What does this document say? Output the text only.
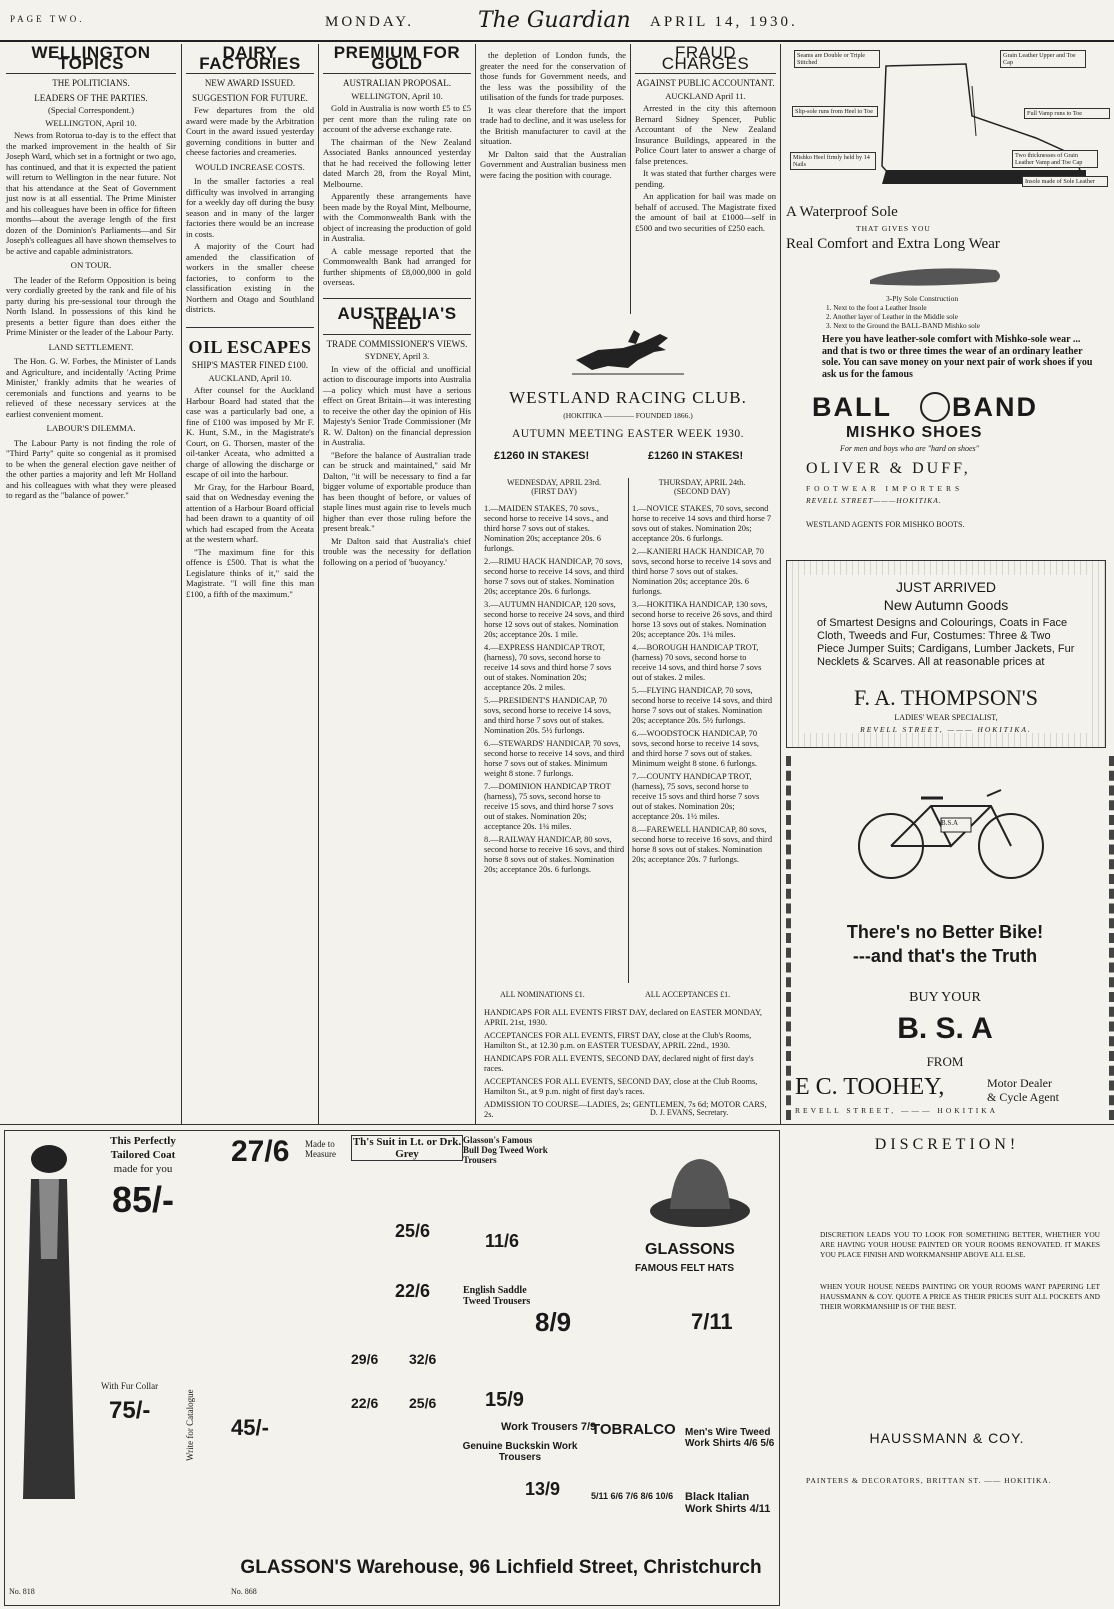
PAGE TWO.	MONDAY.	The Guardian APRIL 14, 1930.
WELLINGTON TOPICS
THE POLITICIANS.
LEADERS OF THE PARTIES.

(Special Correspondent.)

WELLINGTON, April 10.

News from Rotorua to-day is to the effect that the marked improvement in the health of Sir Joseph Ward, which set in a fortnight or two ago, has continued, and that it is expected the patient will return to Wellington in the near future. Not that his attendance at the Seat of Government just now is at all essential. The Prime Minister and his colleagues have been in office for fifteen months—about the average length of the first dozen of the Dominion's Parliaments—and Sir Joseph's colleagues all have shown themselves to be active and capable administrators.

ON TOUR.

The leader of the Reform Opposition is being very cordially greeted by the rank and file of his party during his pre-sessional tour through the North Island. In possessions of this kind he presents a better figure than does either the Prime Minister or the leader of the Labour Party.

LAND SETTLEMENT.

The Hon. G. W. Forbes, the Minister of Lands and Agriculture, and incidentally 'Acting Prime Minister,' frankly admits that he wearies of ceremonials and functions and yearns to be relieved of these necessary services at the earliest convenient moment.

LABOUR'S DILEMMA.

The Labour Party is not finding the role of "Third Party" quite so congenial as it promised to be when the general election gave neither of the other parties a majority and left Mr Holland and his colleagues with what they were pleased to regard as the "balance of power."

DAIRY FACTORIES
NEW AWARD ISSUED.
SUGGESTION FOR FUTURE.

Few departures from the old award were made by the Arbitration Court in the award issued yesterday governing conditions in butter and cheese factories and creameries.

WOULD INCREASE COSTS.

In the smaller factories a real difficulty was involved in arranging for a weekly day off during the busy season and in many of the larger factories there would be an increase in costs.

A majority of the Court had amended the classification of workers in the smaller cheese factories, to conform to the classification existing in the Northern and Otago and Southland districts.

OIL ESCAPES
SHIP'S MASTER FINED £100.

AUCKLAND, April 10.

After counsel for the Auckland Harbour Board had stated that the case was a particularly bad one, a fine of £100 was imposed by Mr F. K. Hunt, S.M., in the Magistrate's Court, on G. Thorsen, master of the oil-tanker Aceata, who admitted a charge of allowing the discharge or escape of oil into the harbour.

Mr Gray, for the Harbour Board, said that on Wednesday evening the attention of a Harbour Board official had been drawn to a quantity of oil which had escaped from the Aceata at the western wharf.

"The maximum fine for this offence is £500. That is what the Legislature thinks of it," said the Magistrate. "I will fine this man £100, a fifth of the maximum."

PREMIUM FOR GOLD
AUSTRALIAN PROPOSAL.

WELLINGTON, April 10.

Gold in Australia is now worth £5 to £5 per cent more than the ruling rate on account of the adverse exchange rate.

The chairman of the New Zealand Associated Banks announced yesterday that he had received the following letter dated March 28, from the Royal Mint, Melbourne.

Apparently these arrangements have been made by the Royal Mint, Melbourne, with the Commonwealth Bank with the object of increasing the production of gold in Australia.

A cable message reported that the Commonwealth Bank had arranged for further shipments of £8,000,000 in gold overseas.

AUSTRALIA'S NEED
TRADE COMMISSIONER'S VIEWS.

SYDNEY, April 3.

In view of the official and unofficial action to discourage imports into Australia—a policy which must have a serious effect on Great Britain—it was interesting to receive the other day the opinion of His Majesty's Senior Trade Commissioner (Mr R. W. Dalton) on the financial depression in Australia.

"Before the balance of Australian trade can be struck and maintained," said Mr Dalton, "it will be necessary to find a far bigger volume of exportable produce than has been thought of before, or values of staple lines must again rise to levels much higher than ever those ruling before the present break."

Mr Dalton said that Australia's chief trouble was the necessity for deflation following on a period of 'buoyancy.'

the depletion of London funds, the greater the need for the conservation of those funds for Government needs, and the less was the possibility of the utilisation of the funds for trade purposes.

It was clear therefore that the import trade had to decline, and it was useless for the British manufacturer to cavil at the situation.

Mr Dalton said that the Australian Government and Australian business men were facing the position with courage.

FRAUD CHARGES
AGAINST PUBLIC ACCOUNTANT.

AUCKLAND April 11.

Arrested in the city this afternoon Bernard Sidney Spencer, Public Accountant of the New Zealand Insurance Buildings, appeared in the Police Court later to answer a charge of false pretences.

It was stated that further charges were pending.

An application for bail was made on behalf of accused. The Magistrate fixed the amount of bail at £1000—self in £500 and two securities of £250 each.

WESTLAND RACING CLUB.
(HOKITIKA ———— FOUNDED 1866.)
AUTUMN MEETING EASTER WEEK 1930.
£1260 IN STAKES!	£1260 IN STAKES!
WEDNESDAY, APRIL 23rd.
(FIRST DAY)
THURSDAY, APRIL 24th.
(SECOND DAY)

1.—MAIDEN STAKES, 70 sovs., second horse to receive 14 sovs., and third horse 7 sovs out of stakes. Nomination 20s; acceptance 20s. 6 furlongs.

2.—RIMU HACK HANDICAP, 70 sovs, second horse to receive 14 sovs, and third horse 7 sovs out of stakes. Nomination 20s; acceptance 20s. 6 furlongs.

3.—AUTUMN HANDICAP, 120 sovs, second horse to receive 24 sovs, and third horse 12 sovs out of stakes. Nomination 20s; acceptance 20s. 1 mile.

4.—EXPRESS HANDICAP TROT, (harness), 70 sovs, second horse to receive 14 sovs and third horse 7 sovs out of stakes. Nomination 20s; acceptance 20s. 2 miles.

5.—PRESIDENT'S HANDICAP, 70 sovs, second horse to receive 14 sovs, and third horse 7 sovs out of stakes. Nomination 20s. 5½ furlongs.

6.—STEWARDS' HANDICAP, 70 sovs, second horse to receive 14 sovs, and third horse 7 sovs out of stakes. Minimum weight 8 stone. 7 furlongs.

7.—DOMINION HANDICAP TROT (harness), 75 sovs, second horse to receive 15 sovs, and third horse 7 sovs out of stakes. Nomination 20s; acceptance 20s. 1¼ miles.

8.—RAILWAY HANDICAP, 80 sovs, second horse to receive 16 sovs, and third horse 8 sovs out of stakes. Nomination 20s; acceptance 20s. 6 furlongs.

1.—NOVICE STAKES, 70 sovs, second horse to receive 14 sovs and third horse 7 sovs out of stakes. Nomination 20s; acceptance 20s. 6 furlongs.

2.—KANIERI HACK HANDICAP, 70 sovs, second horse to receive 14 sovs and third horse 7 sovs out of stakes. Nomination 20s; acceptance 20s. 6 furlongs.

3.—HOKITIKA HANDICAP, 130 sovs, second horse to receive 26 sovs, and third horse 13 sovs out of stakes. Nomination 20s; acceptance 20s. 1¼ miles.

4.—BOROUGH HANDICAP TROT, (harness) 70 sovs, second horse to receive 14 sovs, and third horse 7 sovs out of stakes. 2 miles.

5.—FLYING HANDICAP, 70 sovs, second horse to receive 14 sovs, and third horse 7 sovs out of stakes. Nomination 20s; acceptance 20s. 5½ furlongs.

6.—WOODSTOCK HANDICAP, 70 sovs, second horse to receive 14 sovs, and third horse 7 sovs out of stakes. Minimum weight 8 stone. 6 furlongs.

7.—COUNTY HANDICAP TROT, (harness), 75 sovs, second horse to receive 15 sovs and third horse 7 sovs out of stakes. Nomination 20s; acceptance 20s. 1½ miles.

8.—FAREWELL HANDICAP, 80 sovs, second horse to receive 16 sovs, and third horse 8 sovs out of stakes. Nomination 20s; acceptance 20s. 7 furlongs.

ALL NOMINATIONS £1.	ALL ACCEPTANCES £1.

HANDICAPS FOR ALL EVENTS FIRST DAY, declared on EASTER MONDAY, APRIL 21st, 1930.

ACCEPTANCES FOR ALL EVENTS, FIRST DAY, close at the Club's Rooms, Hamilton St., at 12.30 p.m. on EASTER TUESDAY, APRIL 22nd., 1930.

HANDICAPS FOR ALL EVENTS, SECOND DAY, declared night of first day's races.

ACCEPTANCES FOR ALL EVENTS, SECOND DAY, close at the Club Rooms, Hamilton St., at 9 p.m. night of first day's races.

ADMISSION TO COURSE—LADIES, 2s; GENTLEMEN, 7s 6d; MOTOR CARS, 2s.	D. J. EVANS, Secretary.
Seams are Double or Triple Stitched
Grain Leather Upper and Toe Cap
Slip-sole runs from Heel to Toe	Full Vamp runs to Toe
Two thicknesses of Grain Leather Vamp and Toe Cap
Mishko Heel firmly held by 14 Nails
Insole made of Sole Leather
A Waterproof Sole
THAT GIVES YOU
Real Comfort and Extra Long Wear
3-Ply Sole Construction
1. Next to the foot a Leather Insole
2. Another layer of Leather in the Middle sole
3. Next to the Ground the BALL-BAND Mishko sole
Here you have leather-sole comfort with Mishko-sole wear ... and that is two or three times the wear of an ordinary leather sole. You can save money on your next pair of work shoes if you ask us for the famous
BALL BAND
MISHKO SHOES
For men and boys who are "hard on shoes"
OLIVER & DUFF,
FOOTWEAR IMPORTERS
REVELL STREET———HOKITIKA.
WESTLAND AGENTS FOR MISHKO BOOTS.
JUST ARRIVED
New Autumn Goods
of Smartest Designs and Colourings, Coats in Face Cloth, Tweeds and Fur, Costumes: Three & Two Piece Jumper Suits; Cardigans, Lumber Jackets, Fur Necklets & Scarves. All at reasonable prices at
F. A. THOMPSON'S
LADIES' WEAR SPECIALIST,
REVELL STREET, ——— HOKITIKA.
B.S.A
There's no Better Bike!
---and that's the Truth
BUY YOUR
B. S. A
FROM
E C. TOOHEY,	Motor Dealer
& Cycle Agent
REVELL STREET, ——— HOKITIKA
This Perfectly
Tailored Coat
made for you
85/-
With Fur Collar
75/-
No. 818
Write for Catalogue
27/6 Made to Measure
45/-
No. 868
Th's Suit in Lt. or Drk. Grey
25/6
22/6
29/6 32/6
22/6 25/6
Glasson's Famous Bull Dog Tweed Work Trousers
11/6
English Saddle Tweed Trousers
15/9
8/9
Work Trousers 7/9
Genuine Buckskin Work Trousers
13/9
TOBRALCO
5/11 6/6 7/6 8/6 10/6
GLASSONS
FAMOUS FELT HATS
7/11
Men's Wire Tweed Work Shirts 4/6 5/6
Black Italian Work Shirts 4/11
GLASSON'S Warehouse, 96 Lichfield Street, Christchurch
DISCRETION!
DISCRETION LEADS YOU TO LOOK FOR SOMETHING BETTER, WHETHER YOU ARE HAVING YOUR HOUSE PAINTED OR YOUR ROOMS RENOVATED. IT MAKES YOU PLACE FINISH AND WORKMANSHIP ABOVE ALL ELSE.
WHEN YOUR HOUSE NEEDS PAINTING OR YOUR ROOMS WANT PAPERING LET HAUSSMANN & COY. QUOTE A PRICE AS THEIR PRICES SUIT ALL POCKETS AND THEIR WORKMANSHIP IS OF THE BEST.
HAUSSMANN & COY.
PAINTERS & DECORATORS, BRITTAN ST. —— HOKITIKA.
